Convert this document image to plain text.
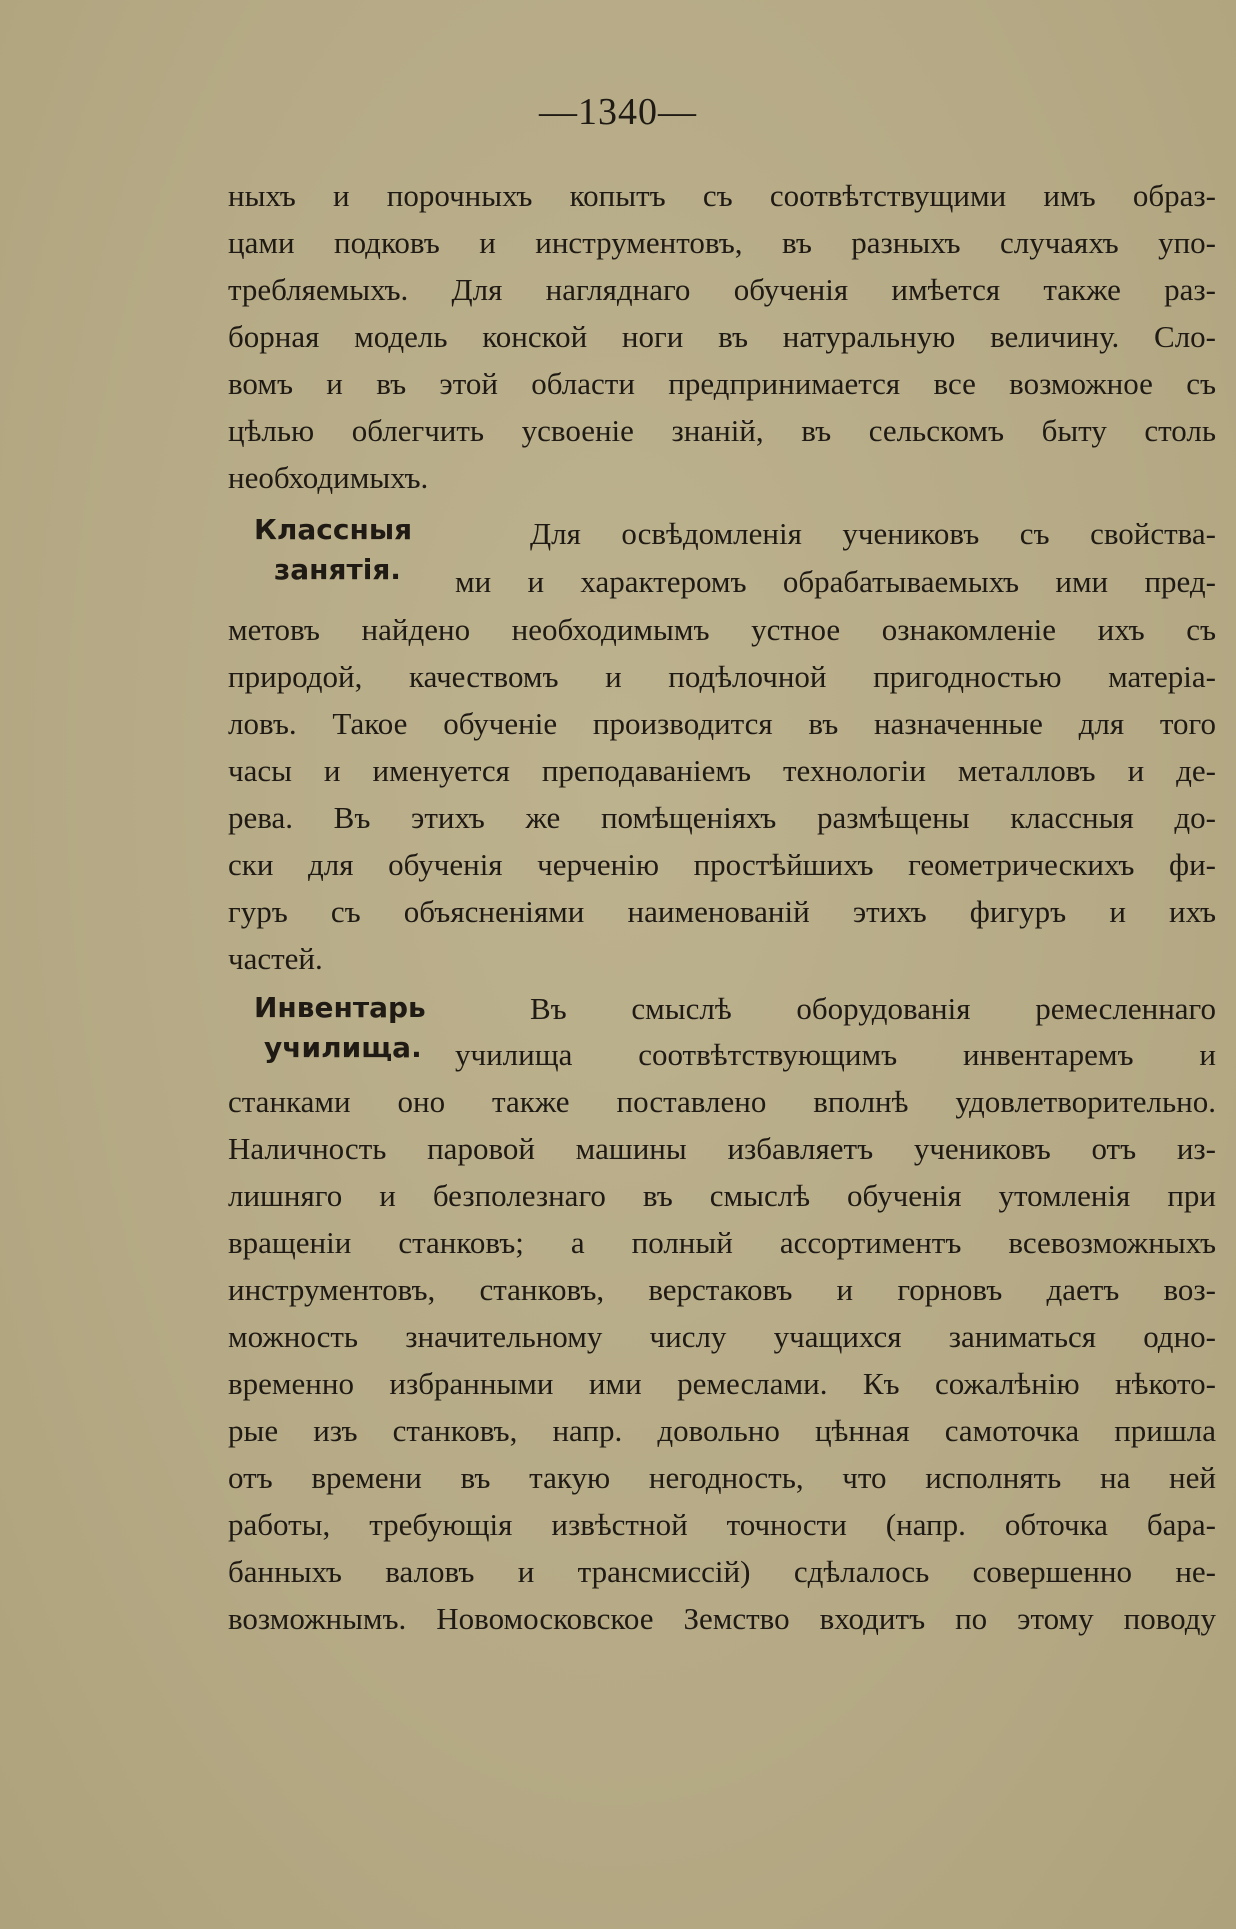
—1340—
ныхъ и порочныхъ копытъ съ соотвѣтствущими имъ образ-
цами подковъ и инструментовъ, въ разныхъ случаяхъ упо-
требляемыхъ. Для нагляднаго обученія имѣется также раз-
борная модель конской ноги въ натуральную величину. Сло-
вомъ и въ этой области предпринимается все возможное съ
цѣлью облегчить усвоеніе знаній, въ сельскомъ быту столь
необходимыхъ.
Классныя
занятія.
Для освѣдомленія учениковъ съ свойства-
ми и характеромъ обрабатываемыхъ ими пред-
метовъ найдено необходимымъ устное ознакомленіе ихъ съ
природой, качествомъ и подѣлочной пригодностью матеріа-
ловъ. Такое обученіе производится въ назначенные для того
часы и именуется преподаваніемъ технологіи металловъ и де-
рева. Въ этихъ же помѣщеніяхъ размѣщены классныя до-
ски для обученія черченію простѣйшихъ геометрическихъ фи-
гуръ съ объясненіями наименованій этихъ фигуръ и ихъ
частей.
Инвентарь
училища.
Въ смыслѣ оборудованія ремесленнаго
училища соотвѣтствующимъ инвентаремъ и
станками оно также поставлено вполнѣ удовлетворительно.
Наличность паровой машины избавляетъ учениковъ отъ из-
лишняго и безполезнаго въ смыслѣ обученія утомленія при
вращеніи станковъ; а полный ассортиментъ всевозможныхъ
инструментовъ, станковъ, верстаковъ и горновъ даетъ воз-
можность значительному числу учащихся заниматься одно-
временно избранными ими ремеслами. Къ сожалѣнію нѣкото-
рые изъ станковъ, напр. довольно цѣнная самоточка пришла
отъ времени въ такую негодность, что исполнять на ней
работы, требующія извѣстной точности (напр. обточка бара-
банныхъ валовъ и трансмиссій) сдѣлалось совершенно не-
возможнымъ. Новомосковское Земство входитъ по этому поводу
